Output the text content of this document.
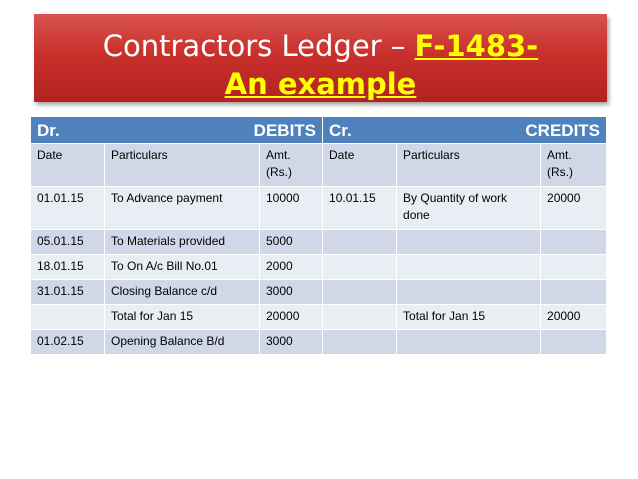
Contractors Ledger – F-1483-
An example
Dr. DEBITS			Cr. CREDITS		

Date	Particulars	Amt. (Rs.)	Date	Particulars	Amt. (Rs.)
01.01.15	To Advance payment	10000	10.01.15	By Quantity of work done	20000
05.01.15	To Materials provided	5000			
18.01.15	To On A/c Bill No.01	2000			
31.01.15	Closing Balance c/d	3000			
	Total for Jan 15	20000		Total for Jan 15	20000
01.02.15	Opening Balance B/d	3000			
